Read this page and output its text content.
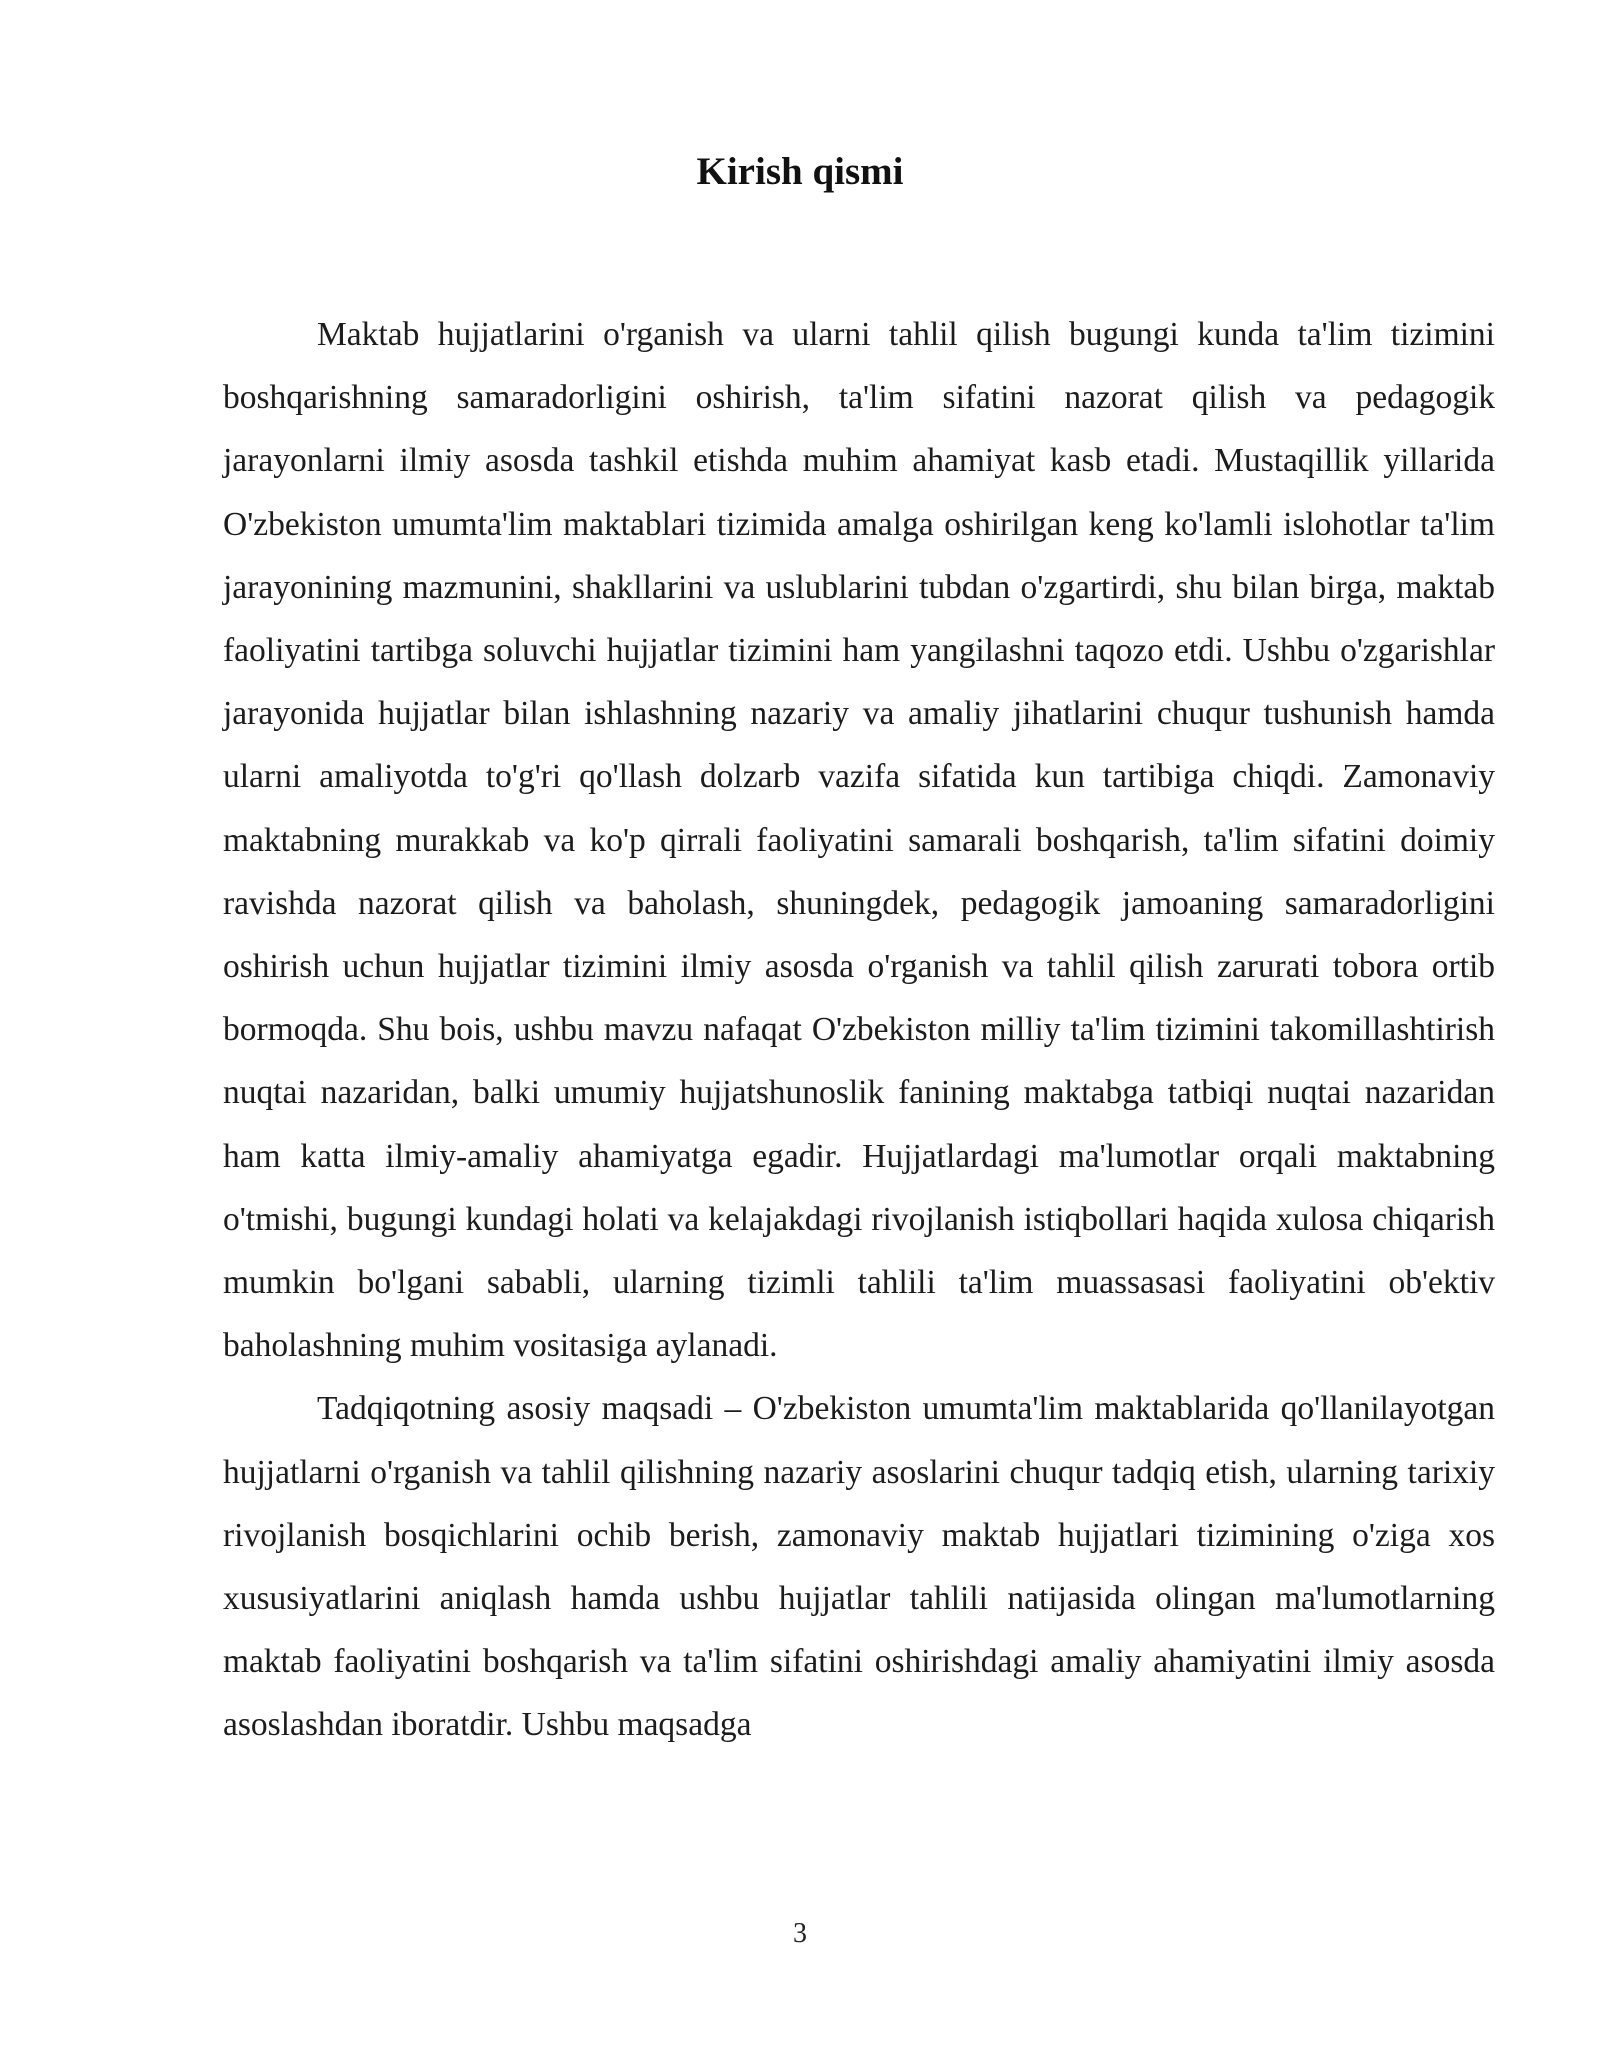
Kirish qismi

Maktab hujjatlarini o'rganish va ularni tahlil qilish bugungi kunda ta'lim tizimini boshqarishning samaradorligini oshirish, ta'lim sifatini nazorat qilish va pedagogik jarayonlarni ilmiy asosda tashkil etishda muhim ahamiyat kasb etadi. Mustaqillik yillarida O'zbekiston umumta'lim maktablari tizimida amalga oshirilgan keng ko'lamli islohotlar ta'lim jarayonining mazmunini, shakllarini va uslublarini tubdan o'zgartirdi, shu bilan birga, maktab faoliyatini tartibga soluvchi hujjatlar tizimini ham yangilashni taqozo etdi. Ushbu o'zgarishlar jarayonida hujjatlar bilan ishlashning nazariy va amaliy jihatlarini chuqur tushunish hamda ularni amaliyotda to'g'ri qo'llash dolzarb vazifa sifatida kun tartibiga chiqdi. Zamonaviy maktabning murakkab va ko'p qirrali faoliyatini samarali boshqarish, ta'lim sifatini doimiy ravishda nazorat qilish va baholash, shuningdek, pedagogik jamoaning samaradorligini oshirish uchun hujjatlar tizimini ilmiy asosda o'rganish va tahlil qilish zarurati tobora ortib bormoqda. Shu bois, ushbu mavzu nafaqat O'zbekiston milliy ta'lim tizimini takomillashtirish nuqtai nazaridan, balki umumiy hujjatshunoslik fanining maktabga tatbiqi nuqtai nazaridan ham katta ilmiy-amaliy ahamiyatga egadir. Hujjatlardagi ma'lumotlar orqali maktabning o'tmishi, bugungi kundagi holati va kelajakdagi rivojlanish istiqbollari haqida xulosa chiqarish mumkin bo'lgani sababli, ularning tizimli tahlili ta'lim muassasasi faoliyatini ob'ektiv baholashning muhim vositasiga aylanadi.

Tadqiqotning asosiy maqsadi – O'zbekiston umumta'lim maktablarida qo'llanilayotgan hujjatlarni o'rganish va tahlil qilishning nazariy asoslarini chuqur tadqiq etish, ularning tarixiy rivojlanish bosqichlarini ochib berish, zamonaviy maktab hujjatlari tizimining o'ziga xos xususiyatlarini aniqlash hamda ushbu hujjatlar tahlili natijasida olingan ma'lumotlarning maktab faoliyatini boshqarish va ta'lim sifatini oshirishdagi amaliy ahamiyatini ilmiy asosda asoslashdan iboratdir. Ushbu maqsadga

3
